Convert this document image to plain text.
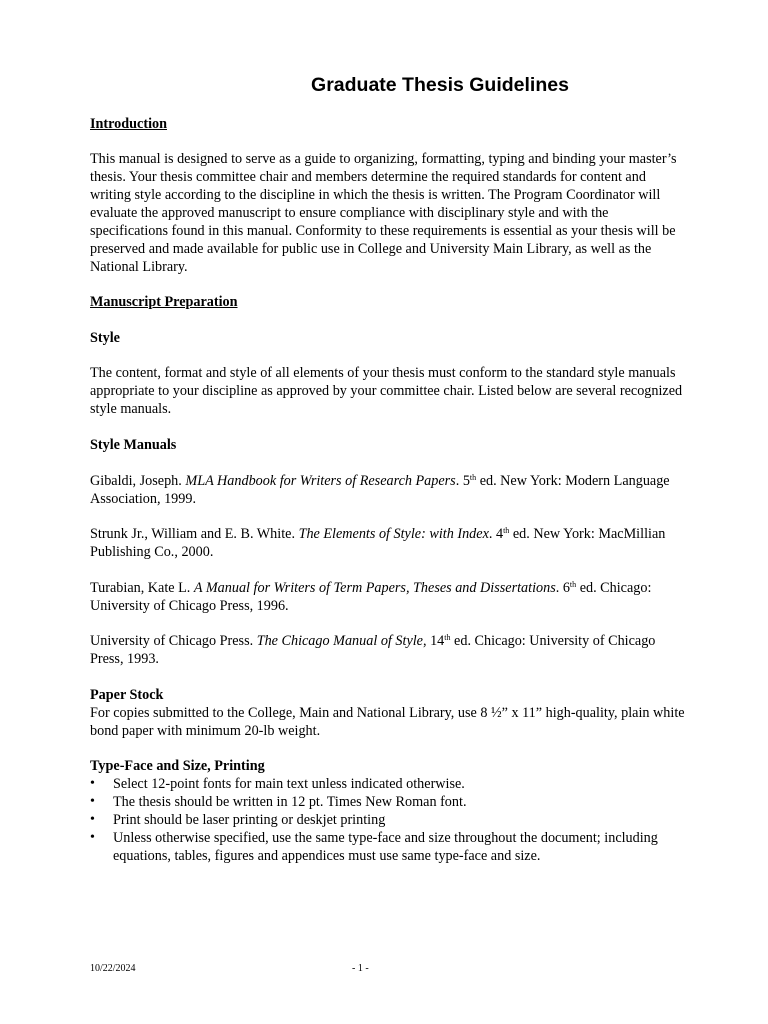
Graduate Thesis Guidelines

Introduction

This manual is designed to serve as a guide to organizing, formatting, typing and binding your master’s thesis. Your thesis committee chair and members determine the required standards for content and writing style according to the discipline in which the thesis is written. The Program Coordinator will evaluate the approved manuscript to ensure compliance with disciplinary style and with the specifications found in this manual. Conformity to these requirements is essential as your thesis will be preserved and made available for public use in College and University Main Library, as well as the National Library.

Manuscript Preparation

Style

The content, format and style of all elements of your thesis must conform to the standard style manuals appropriate to your discipline as approved by your committee chair. Listed below are several recognized style manuals.

Style Manuals

Gibaldi, Joseph. MLA Handbook for Writers of Research Papers. 5th ed. New York: Modern Language Association, 1999.

Strunk Jr., William and E. B. White. The Elements of Style: with Index. 4th ed. New York: MacMillian Publishing Co., 2000.

Turabian, Kate L. A Manual for Writers of Term Papers, Theses and Dissertations. 6th ed. Chicago: University of Chicago Press, 1996.

University of Chicago Press. The Chicago Manual of Style, 14th ed. Chicago: University of Chicago Press, 1993.

Paper Stock

For copies submitted to the College, Main and National Library, use 8 ½” x 11” high-quality, plain white bond paper with minimum 20-lb weight.

Type-Face and Size, Printing

• Select 12-point fonts for main text unless indicated otherwise.
• The thesis should be written in 12 pt. Times New Roman font.
• Print should be laser printing or deskjet printing
• Unless otherwise specified, use the same type-face and size throughout the document; including equations, tables, figures and appendices must use same type-face and size.
10/22/2024	- 1 -
